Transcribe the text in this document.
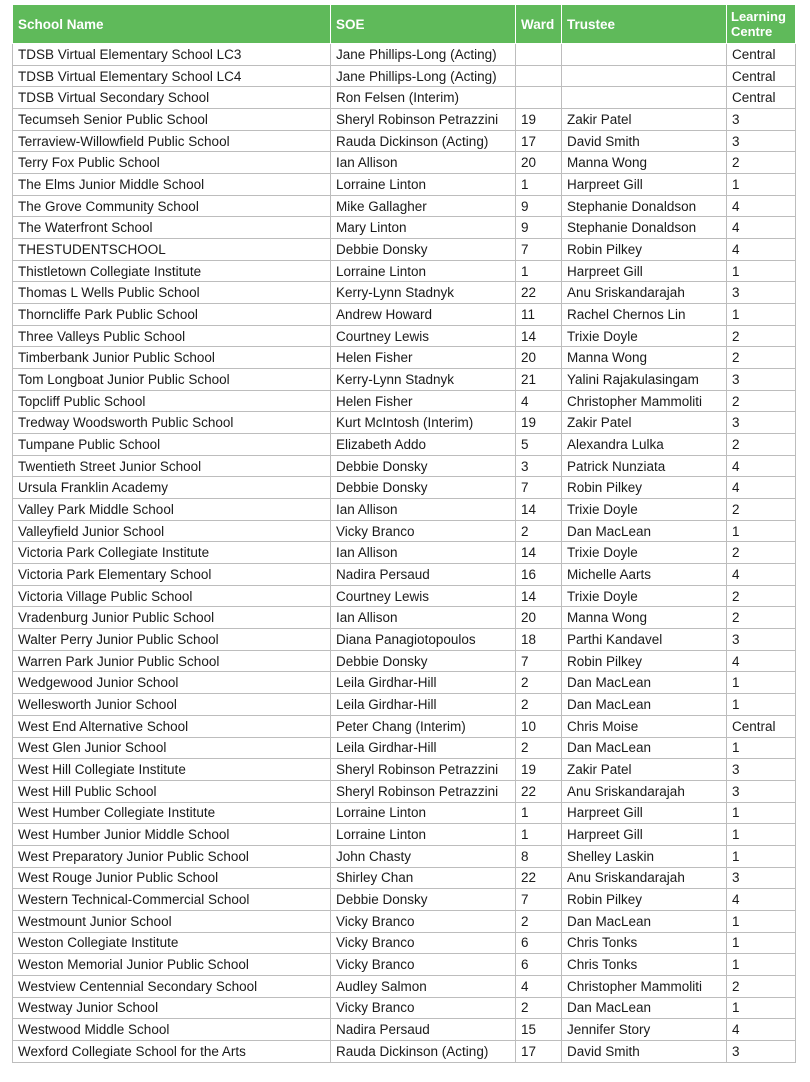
School Name	SOE	Ward	Trustee	Learning Centre
TDSB Virtual Elementary School LC3	Jane Phillips-Long (Acting)			Central
TDSB Virtual Elementary School LC4	Jane Phillips-Long (Acting)			Central
TDSB Virtual Secondary School	Ron Felsen (Interim)			Central
Tecumseh Senior Public School	Sheryl Robinson Petrazzini	19	Zakir Patel	3
Terraview-Willowfield Public School	Rauda Dickinson (Acting)	17	David Smith	3
Terry Fox Public School	Ian Allison	20	Manna Wong	2
The Elms Junior Middle School	Lorraine Linton	1	Harpreet Gill	1
The Grove Community School	Mike Gallagher	9	Stephanie Donaldson	4
The Waterfront School	Mary Linton	9	Stephanie Donaldson	4
THESTUDENTSCHOOL	Debbie Donsky	7	Robin Pilkey	4
Thistletown Collegiate Institute	Lorraine Linton	1	Harpreet Gill	1
Thomas L Wells Public School	Kerry-Lynn Stadnyk	22	Anu Sriskandarajah	3
Thorncliffe Park Public School	Andrew Howard	11	Rachel Chernos Lin	1
Three Valleys Public School	Courtney Lewis	14	Trixie Doyle	2
Timberbank Junior Public School	Helen Fisher	20	Manna Wong	2
Tom Longboat Junior Public School	Kerry-Lynn Stadnyk	21	Yalini Rajakulasingam	3
Topcliff Public School	Helen Fisher	4	Christopher Mammoliti	2
Tredway Woodsworth Public School	Kurt McIntosh (Interim)	19	Zakir Patel	3
Tumpane Public School	Elizabeth Addo	5	Alexandra Lulka	2
Twentieth Street Junior School	Debbie Donsky	3	Patrick Nunziata	4
Ursula Franklin Academy	Debbie Donsky	7	Robin Pilkey	4
Valley Park Middle School	Ian Allison	14	Trixie Doyle	2
Valleyfield Junior School	Vicky Branco	2	Dan MacLean	1
Victoria Park Collegiate Institute	Ian Allison	14	Trixie Doyle	2
Victoria Park Elementary School	Nadira Persaud	16	Michelle Aarts	4
Victoria Village Public School	Courtney Lewis	14	Trixie Doyle	2
Vradenburg Junior Public School	Ian Allison	20	Manna Wong	2
Walter Perry Junior Public School	Diana Panagiotopoulos	18	Parthi Kandavel	3
Warren Park Junior Public School	Debbie Donsky	7	Robin Pilkey	4
Wedgewood Junior School	Leila Girdhar-Hill	2	Dan MacLean	1
Wellesworth Junior School	Leila Girdhar-Hill	2	Dan MacLean	1
West End Alternative School	Peter Chang (Interim)	10	Chris Moise	Central
West Glen Junior School	Leila Girdhar-Hill	2	Dan MacLean	1
West Hill Collegiate Institute	Sheryl Robinson Petrazzini	19	Zakir Patel	3
West Hill Public School	Sheryl Robinson Petrazzini	22	Anu Sriskandarajah	3
West Humber Collegiate Institute	Lorraine Linton	1	Harpreet Gill	1
West Humber Junior Middle School	Lorraine Linton	1	Harpreet Gill	1
West Preparatory Junior Public School	John Chasty	8	Shelley Laskin	1
West Rouge Junior Public School	Shirley Chan	22	Anu Sriskandarajah	3
Western Technical-Commercial School	Debbie Donsky	7	Robin Pilkey	4
Westmount Junior School	Vicky Branco	2	Dan MacLean	1
Weston Collegiate Institute	Vicky Branco	6	Chris Tonks	1
Weston Memorial Junior Public School	Vicky Branco	6	Chris Tonks	1
Westview Centennial Secondary School	Audley Salmon	4	Christopher Mammoliti	2
Westway Junior School	Vicky Branco	2	Dan MacLean	1
Westwood Middle School	Nadira Persaud	15	Jennifer Story	4
Wexford Collegiate School for the Arts	Rauda Dickinson (Acting)	17	David Smith	3
